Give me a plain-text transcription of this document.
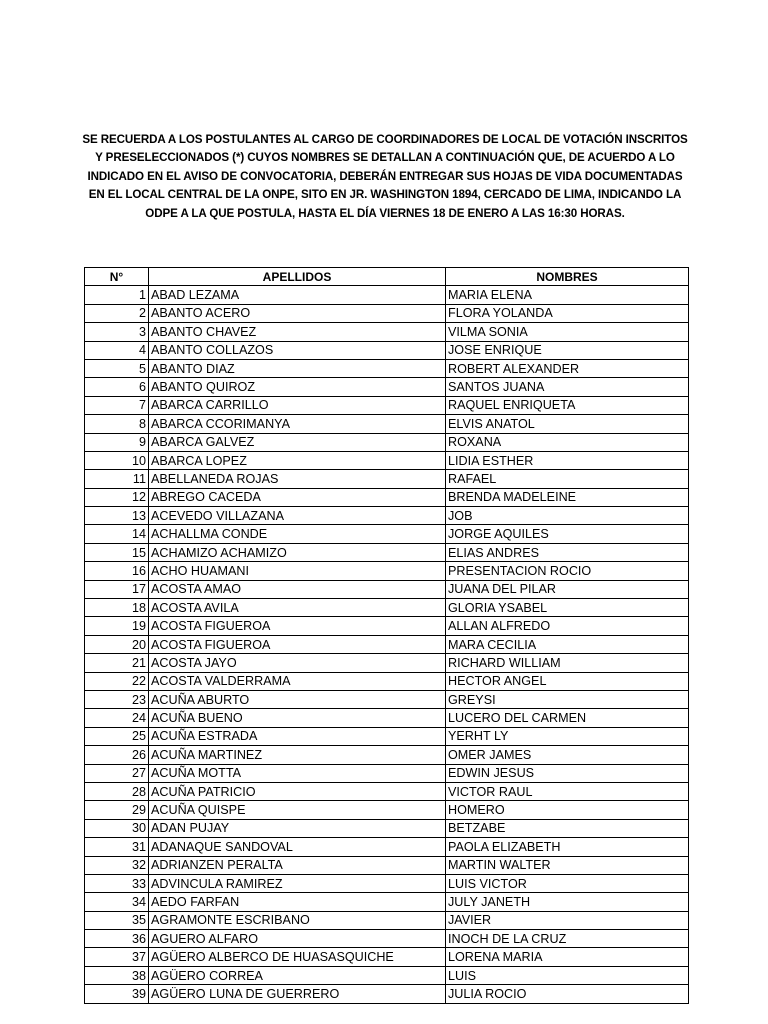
SE RECUERDA A LOS POSTULANTES AL CARGO DE COORDINADORES DE LOCAL DE VOTACIÓN INSCRITOS Y PRESELECCIONADOS (*) CUYOS NOMBRES SE DETALLAN A CONTINUACIÓN QUE, DE ACUERDO A LO INDICADO EN EL AVISO DE CONVOCATORIA, DEBERÁN ENTREGAR SUS HOJAS DE VIDA DOCUMENTADAS EN EL LOCAL CENTRAL DE LA ONPE, SITO EN JR. WASHINGTON 1894, CERCADO DE LIMA, INDICANDO LA ODPE A LA QUE POSTULA, HASTA EL DÍA VIERNES 18 DE ENERO A LAS 16:30 HORAS.
N°	APELLIDOS	NOMBRES
1	ABAD LEZAMA	MARIA ELENA
2	ABANTO ACERO	FLORA YOLANDA
3	ABANTO CHAVEZ	VILMA SONIA
4	ABANTO COLLAZOS	JOSE ENRIQUE
5	ABANTO DIAZ	ROBERT ALEXANDER
6	ABANTO QUIROZ	SANTOS JUANA
7	ABARCA CARRILLO	RAQUEL ENRIQUETA
8	ABARCA CCORIMANYA	ELVIS ANATOL
9	ABARCA GALVEZ	ROXANA
10	ABARCA LOPEZ	LIDIA ESTHER
11	ABELLANEDA ROJAS	RAFAEL
12	ABREGO CACEDA	BRENDA MADELEINE
13	ACEVEDO VILLAZANA	JOB
14	ACHALLMA CONDE	JORGE AQUILES
15	ACHAMIZO ACHAMIZO	ELIAS ANDRES
16	ACHO HUAMANI	PRESENTACION ROCIO
17	ACOSTA AMAO	JUANA DEL PILAR
18	ACOSTA AVILA	GLORIA YSABEL
19	ACOSTA FIGUEROA	ALLAN ALFREDO
20	ACOSTA FIGUEROA	MARA CECILIA
21	ACOSTA JAYO	RICHARD WILLIAM
22	ACOSTA VALDERRAMA	HECTOR ANGEL
23	ACUÑA ABURTO	GREYSI
24	ACUÑA BUENO	LUCERO DEL CARMEN
25	ACUÑA ESTRADA	YERHT LY
26	ACUÑA MARTINEZ	OMER JAMES
27	ACUÑA MOTTA	EDWIN JESUS
28	ACUÑA PATRICIO	VICTOR RAUL
29	ACUÑA QUISPE	HOMERO
30	ADAN PUJAY	BETZABE
31	ADANAQUE SANDOVAL	PAOLA ELIZABETH
32	ADRIANZEN PERALTA	MARTIN WALTER
33	ADVINCULA RAMIREZ	LUIS VICTOR
34	AEDO FARFAN	JULY JANETH
35	AGRAMONTE ESCRIBANO	JAVIER
36	AGUERO ALFARO	INOCH DE LA CRUZ
37	AGÜERO ALBERCO DE HUASASQUICHE	LORENA MARIA
38	AGÜERO CORREA	LUIS
39	AGÜERO LUNA DE GUERRERO	JULIA ROCIO
